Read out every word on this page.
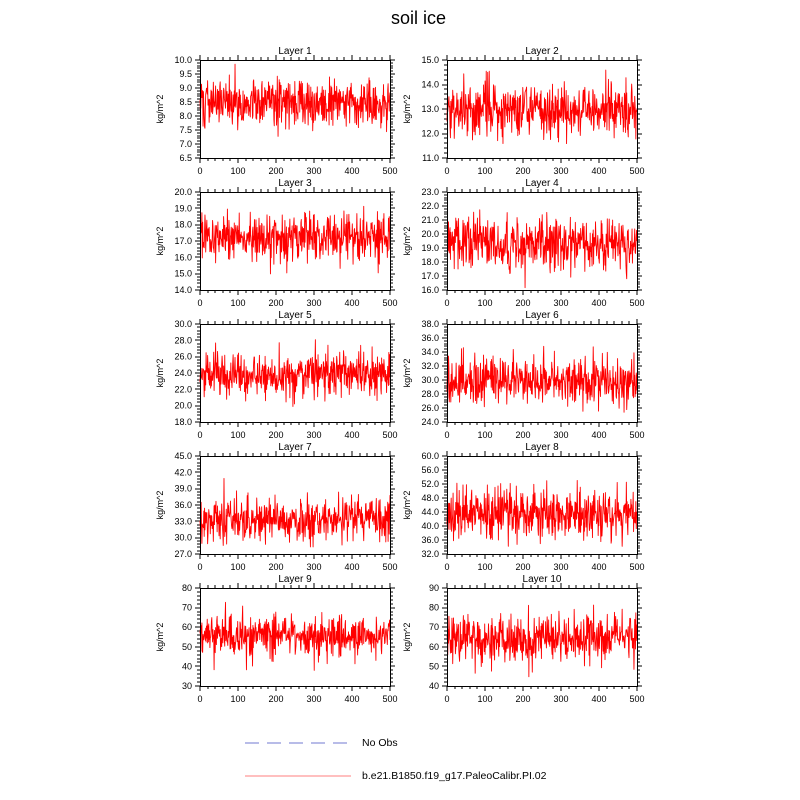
soil ice
6.5
7.0
7.5
8.0
8.5
9.0
9.5
10.0
0	100	200	300	400	500
Layer 1
kg/m^2
11.0
12.0
13.0
14.0
15.0
0	100	200	300	400	500
Layer 2
kg/m^2
14.0
15.0
16.0
17.0
18.0
19.0
20.0
0	100	200	300	400	500
Layer 3
kg/m^2
16.0
17.0
18.0
19.0
20.0
21.0
22.0
23.0
0	100	200	300	400	500
Layer 4
kg/m^2
18.0
20.0
22.0
24.0
26.0
28.0
30.0
0	100	200	300	400	500
Layer 5
kg/m^2
24.0
26.0
28.0
30.0
32.0
34.0
36.0
38.0
0	100	200	300	400	500
Layer 6
kg/m^2
27.0
30.0
33.0
36.0
39.0
42.0
45.0
0	100	200	300	400	500
Layer 7
kg/m^2
32.0
36.0
40.0
44.0
48.0
52.0
56.0
60.0
0	100	200	300	400	500
Layer 8
kg/m^2
30
40
50
60
70
80
0	100	200	300	400	500
Layer 9
kg/m^2
40
50
60
70
80
90
0	100	200	300	400	500
Layer 10
kg/m^2
No Obs
b.e21.B1850.f19_g17.PaleoCalibr.PI.02
